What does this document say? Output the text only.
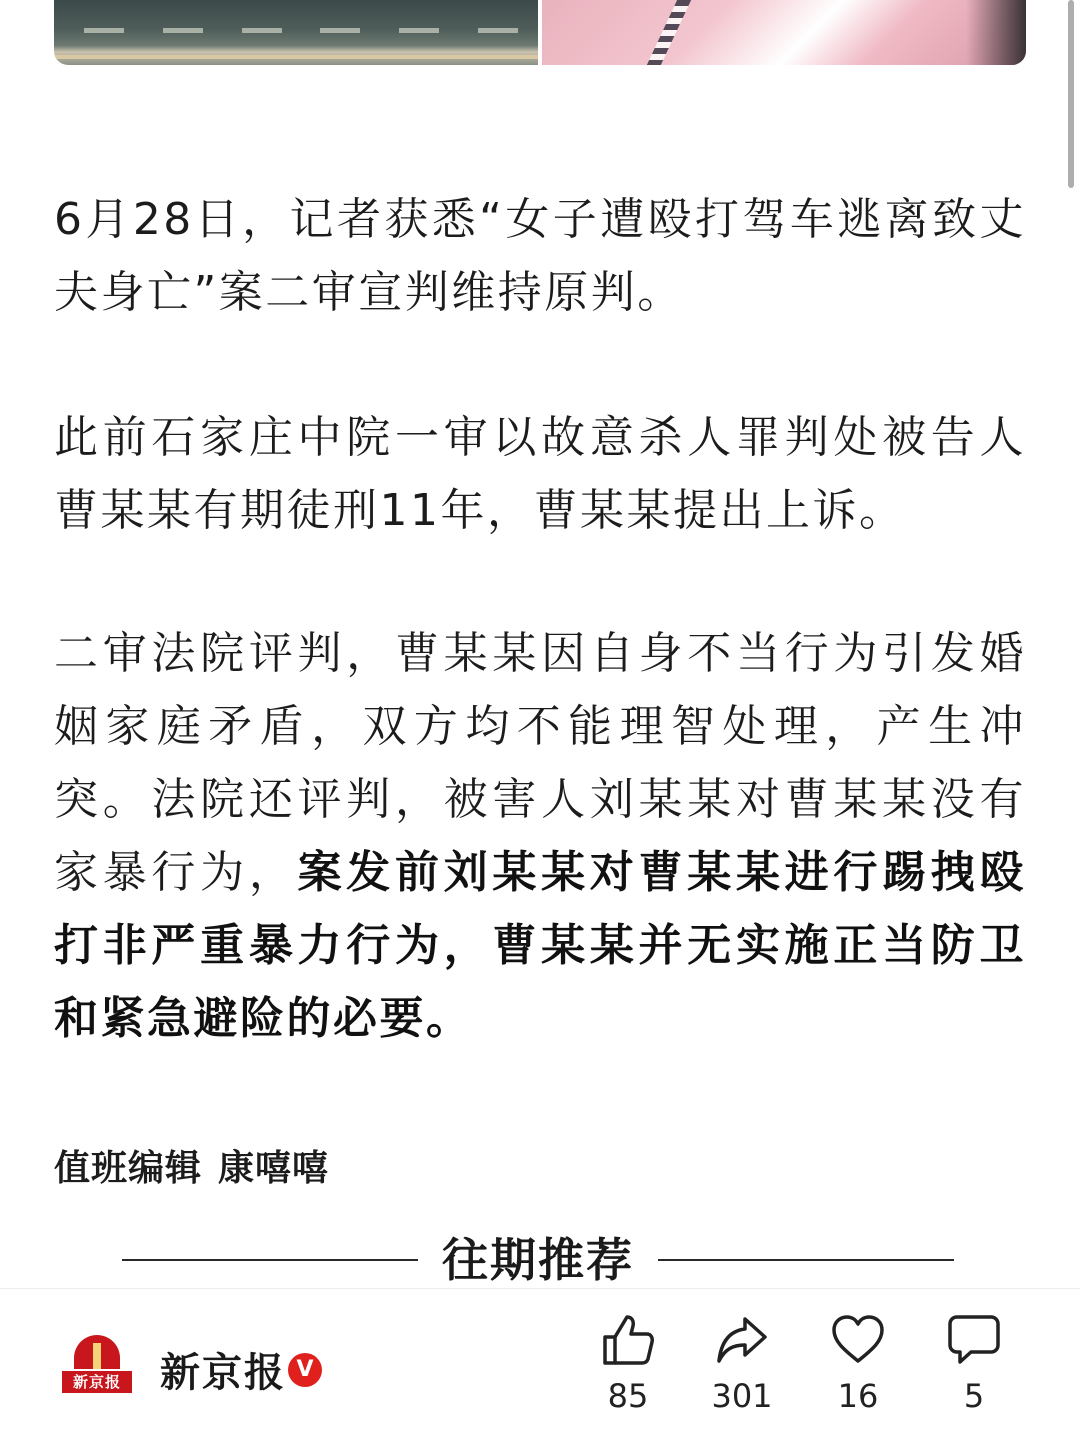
6月28日，记者获悉“女子遭殴打驾车逃离致丈夫身亡”案二审宣判维持原判。

此前石家庄中院一审以故意杀人罪判处被告人曹某某有期徒刑11年，曹某某提出上诉。

二审法院评判，曹某某因自身不当行为引发婚姻家庭矛盾，双方均不能理智处理，产生冲突。法院还评判，被害人刘某某对曹某某没有家暴行为，案发前刘某某对曹某某进行踢拽殴打非严重暴力行为，曹某某并无实施正当防卫和紧急避险的必要。

值班编辑 康嘻嘻
往期推荐
新京报 新京报 V
85	301	16	5
